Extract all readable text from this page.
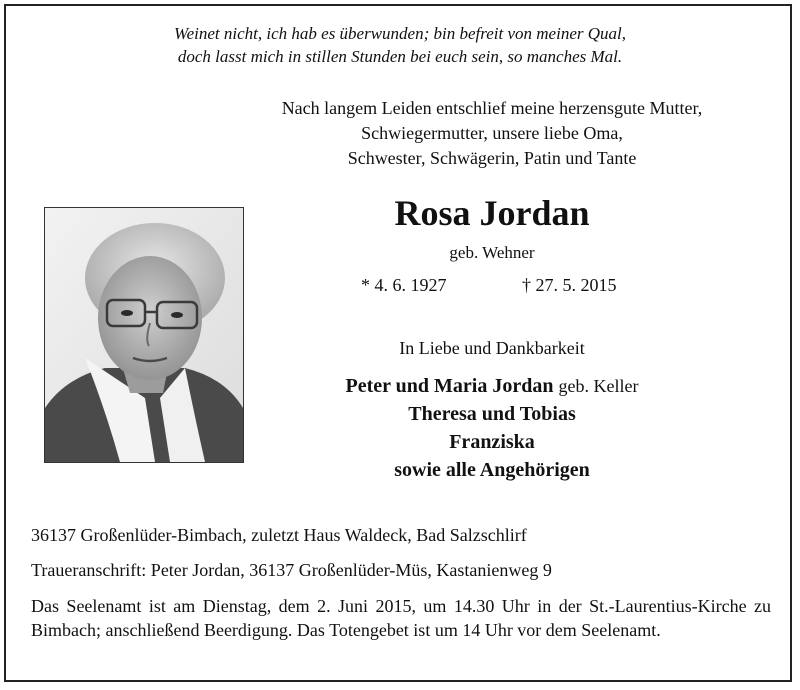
Weinet nicht, ich hab es überwunden; bin befreit von meiner Qual,
doch lasst mich in stillen Stunden bei euch sein, so manches Mal.
Nach langem Leiden entschlief meine herzensgute Mutter,
Schwiegermutter, unsere liebe Oma,
Schwester, Schwägerin, Patin und Tante
Rosa Jordan
geb. Wehner
* 4. 6. 1927	† 27. 5. 2015
In Liebe und Dankbarkeit
Peter und Maria Jordan geb. Keller
Theresa und Tobias
Franziska
sowie alle Angehörigen
36137 Großenlüder-Bimbach, zuletzt Haus Waldeck, Bad Salzschlirf
Traueranschrift: Peter Jordan, 36137 Großenlüder-Müs, Kastanienweg 9
Das Seelenamt ist am Dienstag, dem 2. Juni 2015, um 14.30 Uhr in der St.-Laurentius-Kirche zu Bimbach; anschließend Beerdigung. Das Totengebet ist um 14 Uhr vor dem Seelenamt.
